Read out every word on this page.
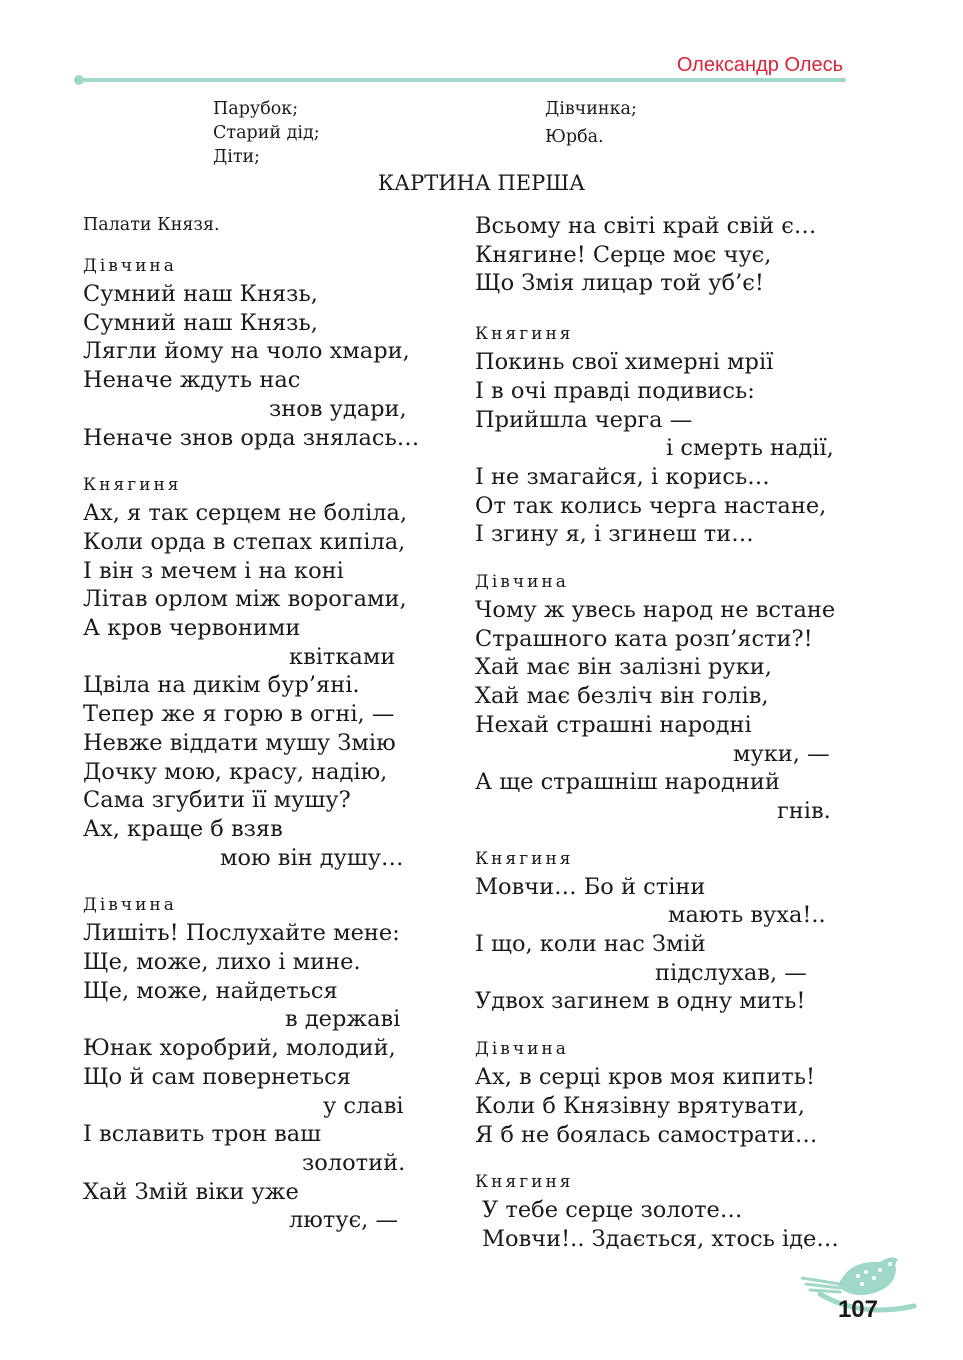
Олександр Олесь
Парубок;
Старий дід;
Діти;
Дівчинка;
Юрба.
КАРТИНА ПЕРША

Палати Князя.

Дівчина

Сумний наш Князь,
Сумний наш Князь,
Лягли йому на чоло хмари,
Неначе ждуть нас
знов удари,
Неначе знов орда знялась…

Княгиня

Ах, я так серцем не боліла,
Коли орда в степах кипіла,
І він з мечем і на коні
Літав орлом між ворогами,
А кров червоними
квітками
Цвіла на дикім бур’яні.
Тепер же я горю в огні, —
Невже віддати мушу Змію
Дочку мою, красу, надію,
Сама згубити її мушу?
Ах, краще б взяв
мою він душу…

Дівчина

Лишіть! Послухайте мене:
Ще, може, лихо і мине.
Ще, може, найдеться
в державі
Юнак хоробрий, молодий,
Що й сам повернеться
у славі
І вславить трон ваш
золотий.
Хай Змій віки уже
лютує, —

Всьому на світі край свій є…
Княгине! Серце моє чує,
Що Змія лицар той уб’є!

Княгиня

Покинь свої химерні мрії
І в очі правді подивись:
Прийшла черга —
і смерть надії,
І не змагайся, і корись…
От так колись черга настане,
І згину я, і згинеш ти…

Дівчина

Чому ж увесь народ не встане
Страшного ката розп’ясти?!
Хай має він залізні руки,
Хай має безліч він голів,
Нехай страшні народні
муки, —
А ще страшніш народний
гнів.

Княгиня

Мовчи… Бо й стіни
мають вуха!..
І що, коли нас Змій
підслухав, —
Удвох загинем в одну мить!

Дівчина

Ах, в серці кров моя кипить!
Коли б Князівну врятувати,
Я б не боялась самострати…

Княгиня

У тебе серце золоте…
Мовчи!.. Здається, хтось іде…

107
